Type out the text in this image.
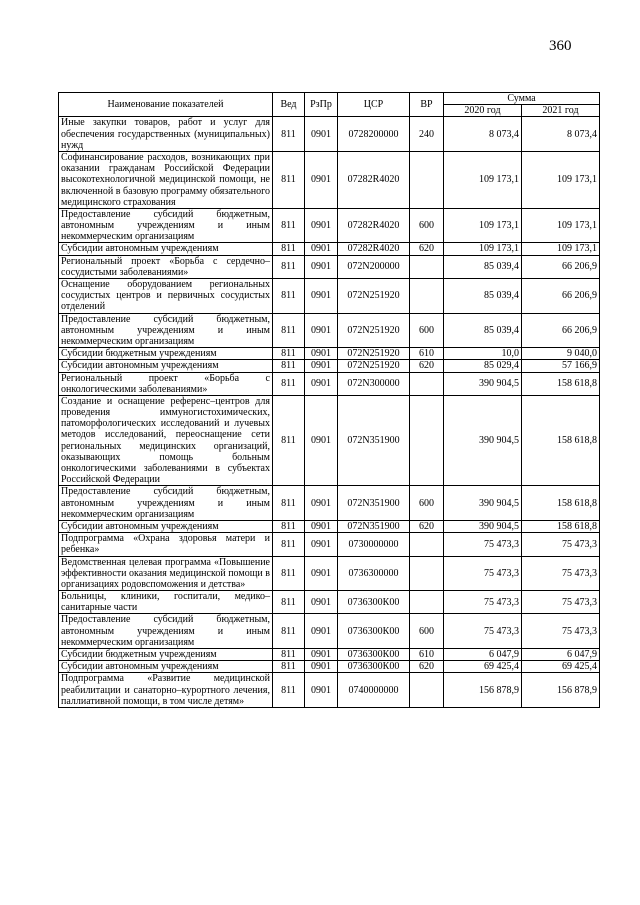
360
Наименование показателей	Вед	РзПр	ЦСР	ВР	Сумма	
					2020 год	2021 год
Иные закупки товаров, работ и услуг для обеспечения государственных (муниципальных) нужд	811	0901	0728200000	240	8 073,4	8 073,4
Софинансирование расходов, возникающих при оказании гражданам Российской Федерации высокотехнологичной медицинской помощи, не включенной в базовую программу обязательного медицинского страхования	811	0901	07282R4020		109 173,1	109 173,1
Предоставление субсидий бюджетным, автономным учреждениям и иным некоммерческим организациям	811	0901	07282R4020	600	109 173,1	109 173,1
Субсидии автономным учреждениям	811	0901	07282R4020	620	109 173,1	109 173,1
Региональный проект «Борьба с сердечно–сосудистыми заболеваниями»	811	0901	072N200000		85 039,4	66 206,9
Оснащение оборудованием региональных сосудистых центров и первичных сосудистых отделений	811	0901	072N251920		85 039,4	66 206,9
Предоставление субсидий бюджетным, автономным учреждениям и иным некоммерческим организациям	811	0901	072N251920	600	85 039,4	66 206,9
Субсидии бюджетным учреждениям	811	0901	072N251920	610	10,0	9 040,0
Субсидии автономным учреждениям	811	0901	072N251920	620	85 029,4	57 166,9
Региональный проект «Борьба с онкологическими заболеваниями»	811	0901	072N300000		390 904,5	158 618,8
Создание и оснащение референс–центров для проведения иммуногистохимических, патоморфологических исследований и лучевых методов исследований, переоснащение сети региональных медицинских организаций, оказывающих помощь больным онкологическими заболеваниями в субъектах Российской Федерации	811	0901	072N351900		390 904,5	158 618,8
Предоставление субсидий бюджетным, автономным учреждениям и иным некоммерческим организациям	811	0901	072N351900	600	390 904,5	158 618,8
Субсидии автономным учреждениям	811	0901	072N351900	620	390 904,5	158 618,8
Подпрограмма «Охрана здоровья матери и ребенка»	811	0901	0730000000		75 473,3	75 473,3
Ведомственная целевая программа «Повышение эффективности оказания медицинской помощи в организациях родовспоможения и детства»	811	0901	0736300000		75 473,3	75 473,3
Больницы, клиники, госпитали, медико–санитарные части	811	0901	0736300К00		75 473,3	75 473,3
Предоставление субсидий бюджетным, автономным учреждениям и иным некоммерческим организациям	811	0901	0736300К00	600	75 473,3	75 473,3
Субсидии бюджетным учреждениям	811	0901	0736300К00	610	6 047,9	6 047,9
Субсидии автономным учреждениям	811	0901	0736300К00	620	69 425,4	69 425,4
Подпрограмма «Развитие медицинской реабилитации и санаторно–курортного лечения, паллиативной помощи, в том числе детям»	811	0901	0740000000		156 878,9	156 878,9
